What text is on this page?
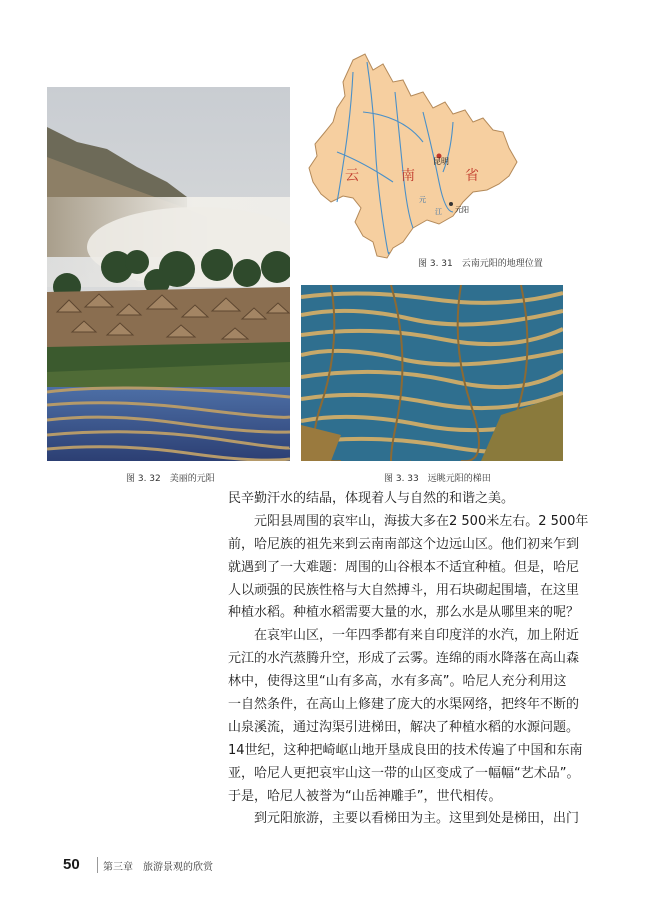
昆明
元阳
云	南	省
元
江
图 3. 31　云南元阳的地理位置
图 3. 32　美丽的元阳	图 3. 33　远眺元阳的梯田
民辛勤汗水的结晶，体现着人与自然的和谐之美。
　　元阳县周围的哀牢山，海拔大多在2 500米左右。2 500年
前，哈尼族的祖先来到云南南部这个边远山区。他们初来乍到
就遇到了一大难题：周围的山谷根本不适宜种植。但是，哈尼
人以顽强的民族性格与大自然搏斗，用石块砌起围墙，在这里
种植水稻。种植水稻需要大量的水，那么水是从哪里来的呢？
　　在哀牢山区，一年四季都有来自印度洋的水汽，加上附近
元江的水汽蒸腾升空，形成了云雾。连绵的雨水降落在高山森
林中，使得这里“山有多高，水有多高”。哈尼人充分利用这
一自然条件，在高山上修建了庞大的水渠网络，把终年不断的
山泉溪流，通过沟渠引进梯田，解决了种植水稻的水源问题。
14世纪，这种把崎岖山地开垦成良田的技术传遍了中国和东南
亚，哈尼人更把哀牢山这一带的山区变成了一幅幅“艺术品”。
于是，哈尼人被誉为“山岳神雕手”，世代相传。
　　到元阳旅游，主要以看梯田为主。这里到处是梯田，出门
50 第三章　旅游景观的欣赏
